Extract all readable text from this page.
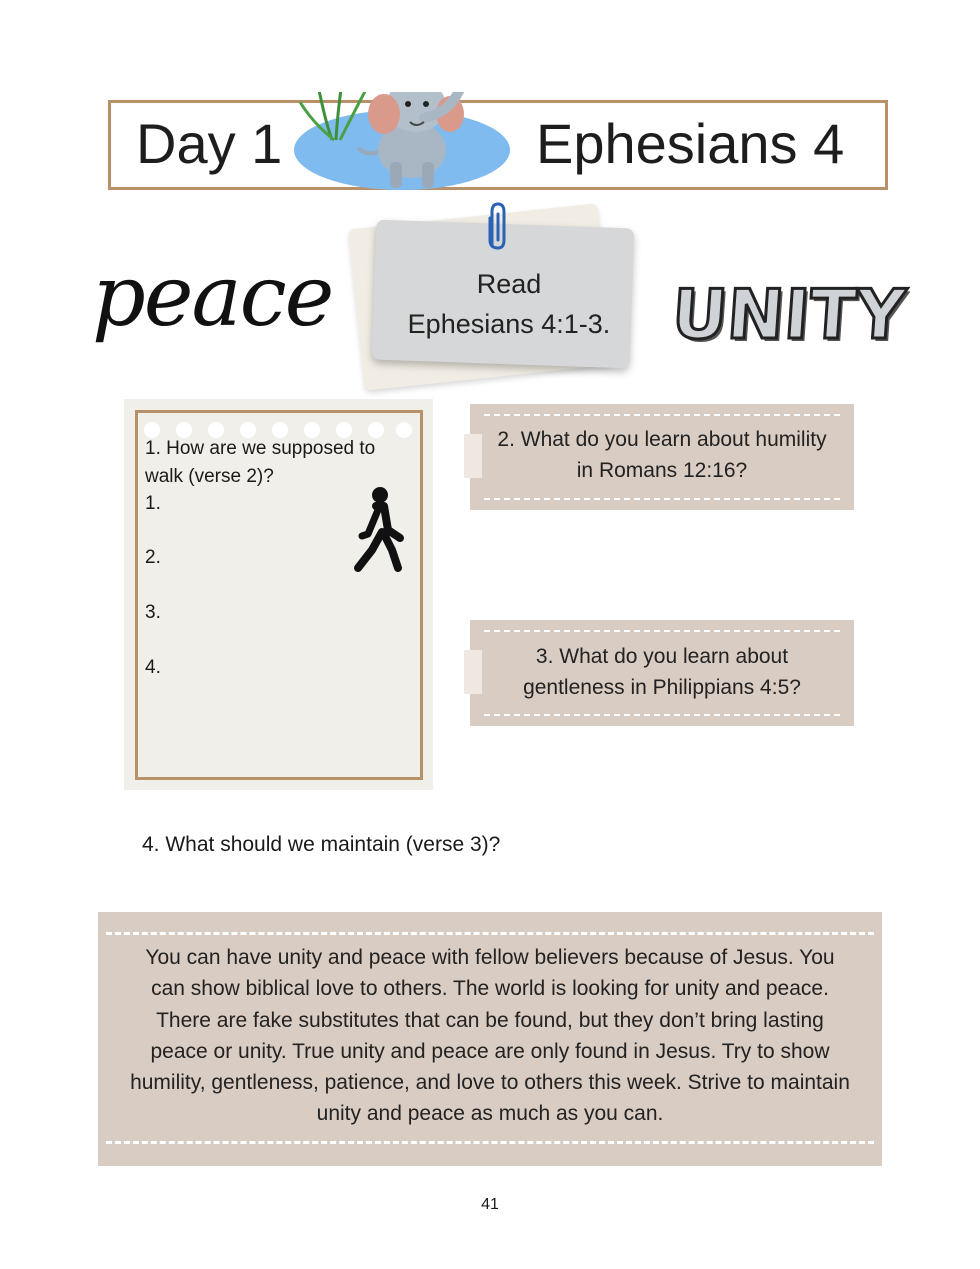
Day 1	Ephesians 4
peace	UNITY
Read
Ephesians 4:1-3.
1. How are we supposed to walk (verse 2)?
1.
2.
3.
4.
2. What do you learn about humility
in Romans 12:16?
3. What do you learn about
gentleness in Philippians 4:5?
4. What should we maintain (verse 3)?
You can have unity and peace with fellow believers because of Jesus. You can show biblical love to others. The world is looking for unity and peace. There are fake substitutes that can be found, but they don’t bring lasting peace or unity. True unity and peace are only found in Jesus. Try to show humility, gentleness, patience, and love to others this week. Strive to maintain unity and peace as much as you can.
41
